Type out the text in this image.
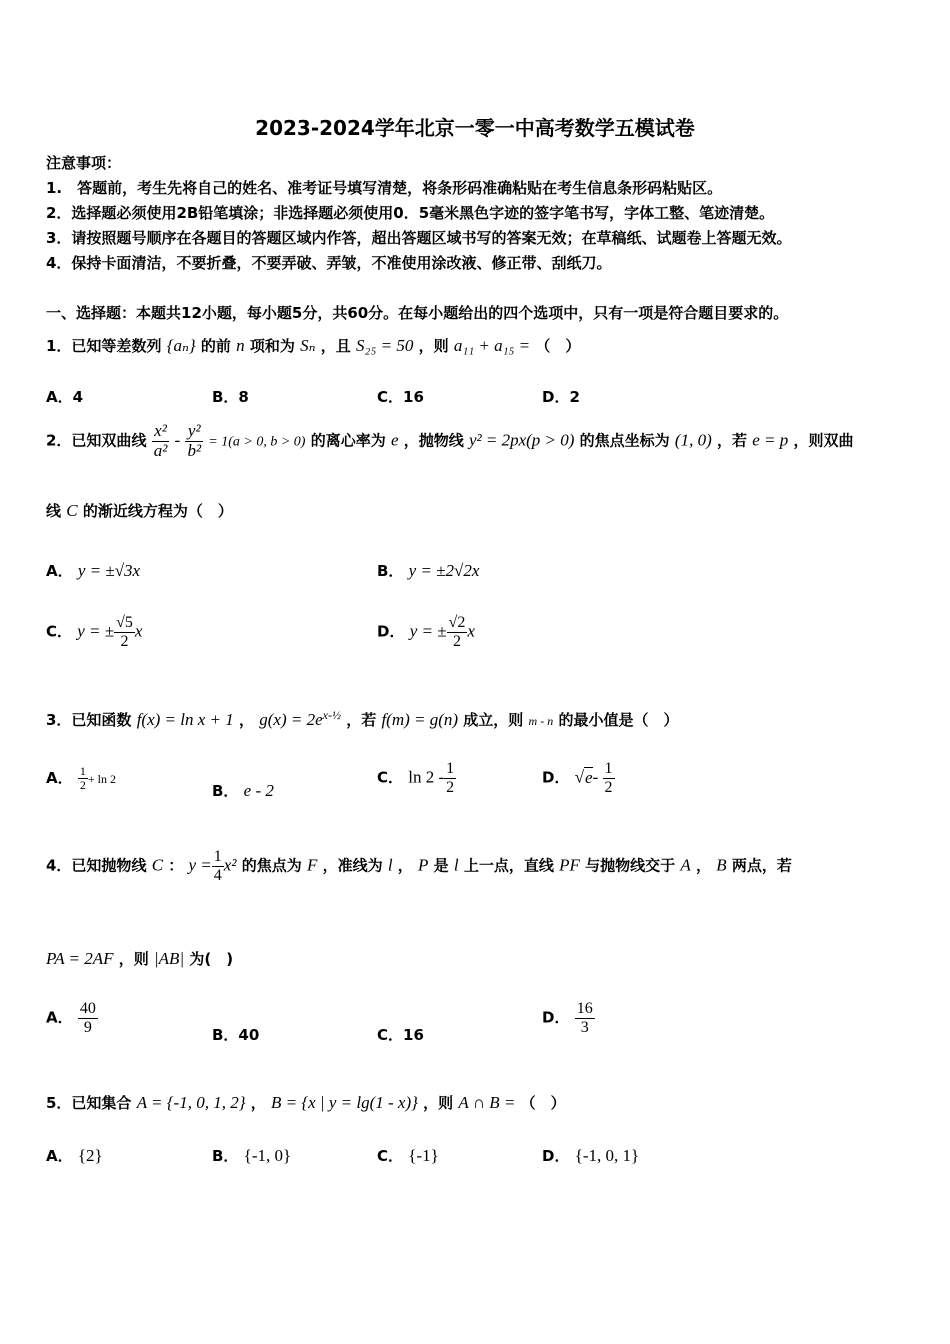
2023-2024学年北京一零一中高考数学五模试卷
注意事项：
1.　答题前，考生先将自己的姓名、准考证号填写清楚，将条形码准确粘贴在考生信息条形码粘贴区。
2．选择题必须使用2B铅笔填涂；非选择题必须使用0．5毫米黑色字迹的签字笔书写，字体工整、笔迹清楚。
3．请按照题号顺序在各题目的答题区域内作答，超出答题区域书写的答案无效；在草稿纸、试题卷上答题无效。
4．保持卡面清洁，不要折叠，不要弄破、弄皱，不准使用涂改液、修正带、刮纸刀。
一、选择题：本题共12小题，每小题5分，共60分。在每小题给出的四个选项中，只有一项是符合题目要求的。
1．已知等差数列 {aₙ} 的前 n 项和为 Sₙ ，且 S₂₅ = 50 ，则 a₁₁ + a₁₅ = （　）
A．4	B．8	C．16	D．2
2．已知双曲线 $\frac{\text{x²}}{\text{a²}} - \frac{\text{y²}}{\text{b²}} = 1(a > 0$, b > 0) 的离心率为 e ，抛物线 y² = 2px(p > 0) 的焦点坐标为 (1, 0) ，若 e = p ，则双曲
线 C 的渐近线方程为（　）
A． y = ±√3x	B． y = ±2√2x
C． y = ± $\frac{√5}{2}$ x	D． y = ± $\frac{√2}{2}$ x
3．已知函数 f(x) = ln x + 1 ， $g(x) = 2e^{x-\frac{1}{2}}$ ，若 f(m) = g(n) 成立，则 m - n 的最小值是（　）
A． $\frac{1}{2} + \ln 2$
B． e - 2
C． $\ln 2 - \frac{1}{2}$	D． $√e- \frac{1}{2}$
4．已知抛物线 C ： $y = \frac{1}{4} x^2$ 的焦点为 F ，准线为 l ， P 是 l 上一点，直线 PF 与抛物线交于 A ， B 两点，若
PA = 2AF ，则 |AB| 为(　)
A． $\frac{40}{9}$	B．40	C．16
D． $\frac{16}{3}$
5．已知集合 A = {-1, 0, 1, 2} ， B = {x | y = lg(1 - x)} ，则 A ∩ B = （　）
A． {2}	B． {-1, 0}	C． {-1}	D． {-1, 0, 1}
